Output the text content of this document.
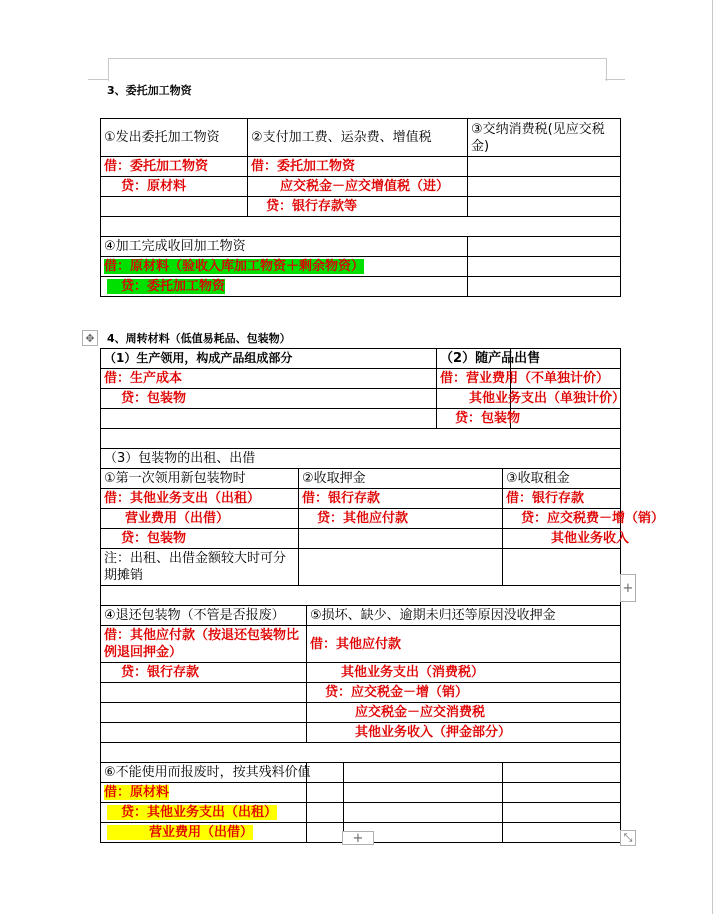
3、委托加工物资
①发出委托加工物资	②支付加工费、运杂费、增值税	③交纳消费税(见应交税金)
借：委托加工物资	借：委托加工物资	
贷：原材料	应交税金－应交增值税（进）	
	贷：银行存款等	

④加工完成收回加工物资		
借：原材料（验收入库加工物资＋剩余物资）		
贷：委托加工物资		
✥	4、周转材料（低值易耗品、包装物）
（1）生产领用，构成产品组成部分			（2）随产品出售		
借：生产成本			借：营业费用（不单独计价）		
贷：包装物			其他业务支出（单独计价）		
			贷：包装物		

（3）包装物的出租、出借					
①第一次领用新包装物时	②收取押金			③收取租金	
借：其他业务支出（出租）	借：银行存款			借：银行存款	
营业费用（出借）	贷：其他应付款			贷：应交税费－增（销）	
贷：包装物				其他业务收入	
注：出租、出借金额较大时可分期摊销					

④退还包装物（不管是否报废）		⑤损坏、缺少、逾期未归还等原因没收押金			
借：其他应付款（按退还包装物比例退回押金）		借：其他应付款			
贷：银行存款		其他业务支出（消费税）			
		贷：应交税金－增（销）			
		应交税金－应交消费税			
		其他业务收入（押金部分）			

⑥不能使用而报废时，按其残料价值				

借：原材料				

贷：其他业务支出（出租）				

营业费用（出借）				

+
+	⤡
